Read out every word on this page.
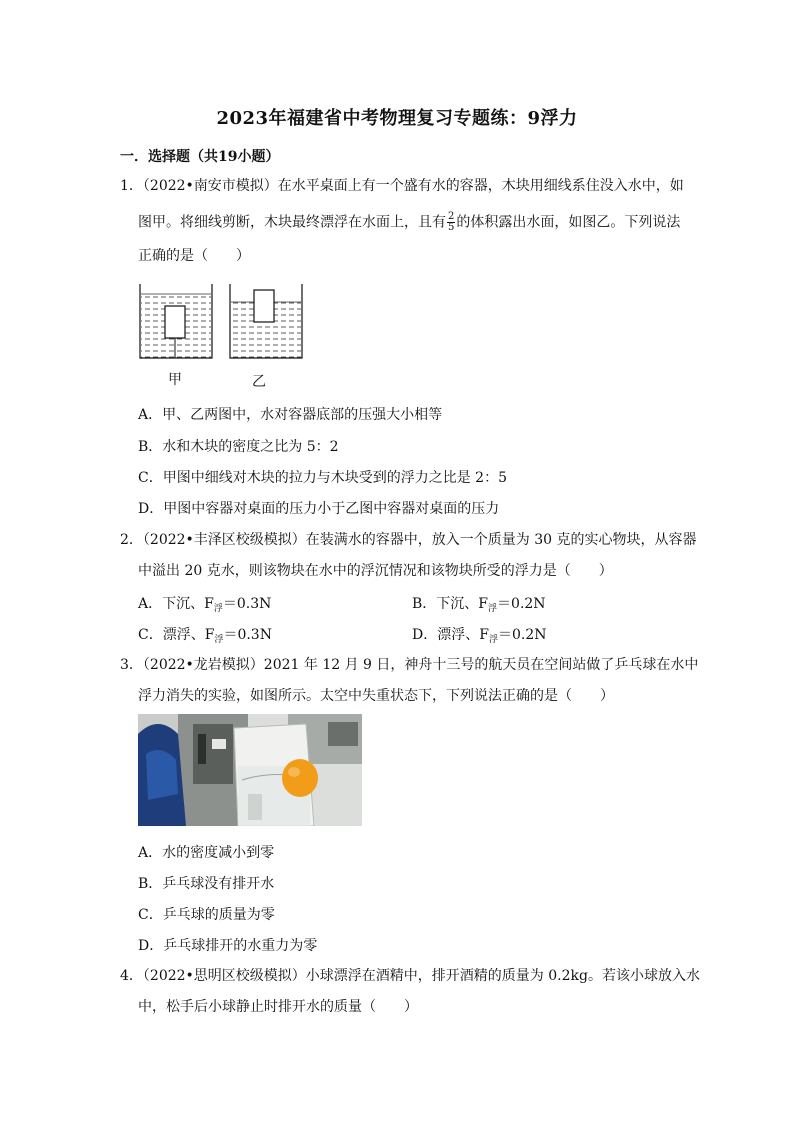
2023年福建省中考物理复习专题练：9浮力
一．选择题（共19小题）
1．（2022•南安市模拟）在水平桌面上有一个盛有水的容器，木块用细线系住没入水中，如
图甲。将细线剪断，木块最终漂浮在水面上，且有 $\frac{2}{5}$ 的体积露出水面，如图乙。下列说法
正确的是（　　）
甲	乙
A．甲、乙两图中，水对容器底部的压强大小相等
B．水和木块的密度之比为 5：2
C．甲图中细线对木块的拉力与木块受到的浮力之比是 2：5
D．甲图中容器对桌面的压力小于乙图中容器对桌面的压力
2．（2022•丰泽区校级模拟）在装满水的容器中，放入一个质量为 30 克的实心物块，从容器
中溢出 20 克水，则该物块在水中的浮沉情况和该物块所受的浮力是（　　）
A．下沉、$F_浮=0.3N$	B．下沉、$F_浮=0.2N$
C．漂浮、$F_浮=0.3N$	D．漂浮、$F_浮=0.2N$
3．（2022•龙岩模拟）2021 年 12 月 9 日，神舟十三号的航天员在空间站做了乒乓球在水中
浮力消失的实验，如图所示。太空中失重状态下，下列说法正确的是（　　）
A．水的密度减小到零
B．乒乓球没有排开水
C．乒乓球的质量为零
D．乒乓球排开的水重力为零
4．（2022•思明区校级模拟）小球漂浮在酒精中，排开酒精的质量为 0.2kg。若该小球放入水
中，松手后小球静止时排开水的质量（　　）
